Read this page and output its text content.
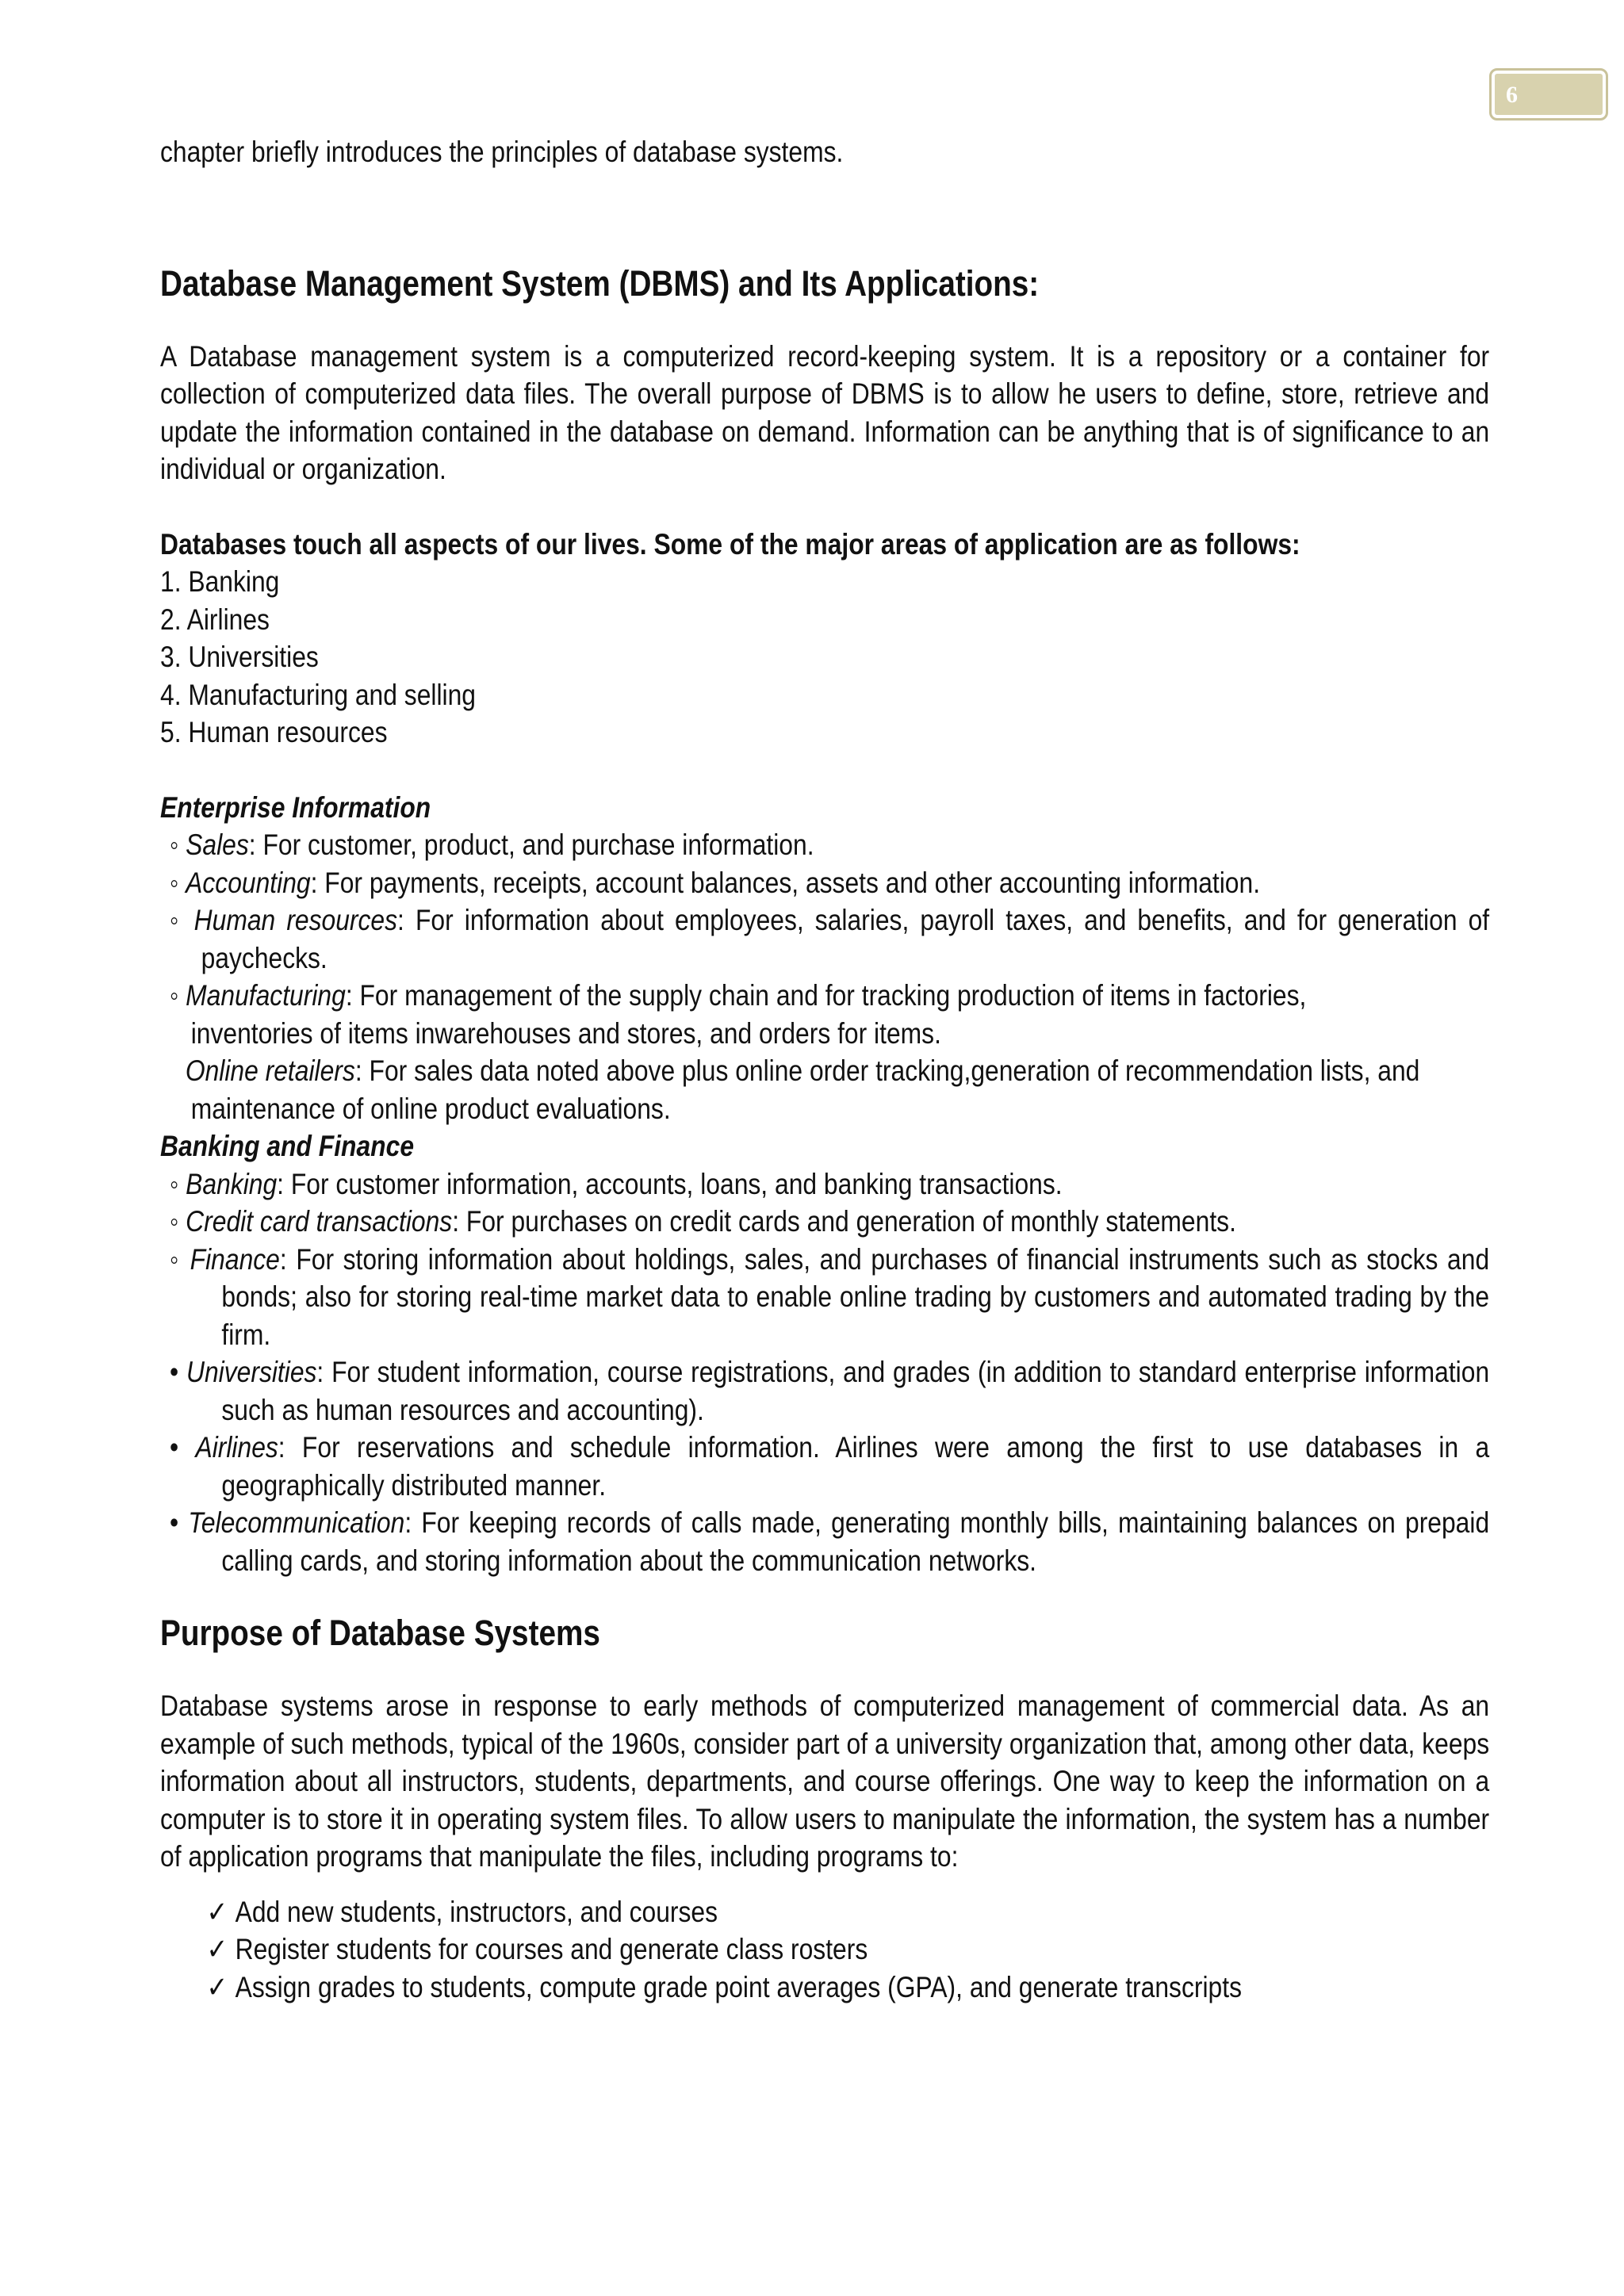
6

chapter briefly introduces the principles of database systems.

Database Management System (DBMS) and Its Applications:

A Database management system is a computerized record-keeping system. It is a repository or a container for collection of computerized data files. The overall purpose of DBMS is to allow he users to define, store, retrieve and update the information contained in the database on demand. Information can be anything that is of significance to an individual or organization.

Databases touch all aspects of our lives. Some of the major areas of application are as follows:

1. Banking

2. Airlines

3. Universities

4. Manufacturing and selling

5. Human resources

Enterprise Information

◦ Sales: For customer, product, and purchase information.

◦ Accounting: For payments, receipts, account balances, assets and other accounting information.

◦ Human resources: For information about employees, salaries, payroll taxes, and benefits, and for generation of paychecks.

◦ Manufacturing: For management of the supply chain and for tracking production of items in factories,

inventories of items inwarehouses and stores, and orders for items.

Online retailers: For sales data noted above plus online order tracking,generation of recommendation lists, and

maintenance of online product evaluations.

Banking and Finance

◦ Banking: For customer information, accounts, loans, and banking transactions.

◦ Credit card transactions: For purchases on credit cards and generation of monthly statements.

◦ Finance: For storing information about holdings, sales, and purchases of financial instruments such as stocks and bonds; also for storing real-time market data to enable online trading by customers and automated trading by the firm.

• Universities: For student information, course registrations, and grades (in addition to standard enterprise information such as human resources and accounting).

• Airlines: For reservations and schedule information. Airlines were among the first to use databases in a geographically distributed manner.

• Telecommunication: For keeping records of calls made, generating monthly bills, maintaining balances on prepaid calling cards, and storing information about the communication networks.

Purpose of Database Systems

Database systems arose in response to early methods of computerized management of commercial data. As an example of such methods, typical of the 1960s, consider part of a university organization that, among other data, keeps information about all instructors, students, departments, and course offerings. One way to keep the information on a computer is to store it in operating system files. To allow users to manipulate the information, the system has a number of application programs that manipulate the files, including programs to:

✓ Add new students, instructors, and courses

✓ Register students for courses and generate class rosters

✓ Assign grades to students, compute grade point averages (GPA), and generate transcripts
